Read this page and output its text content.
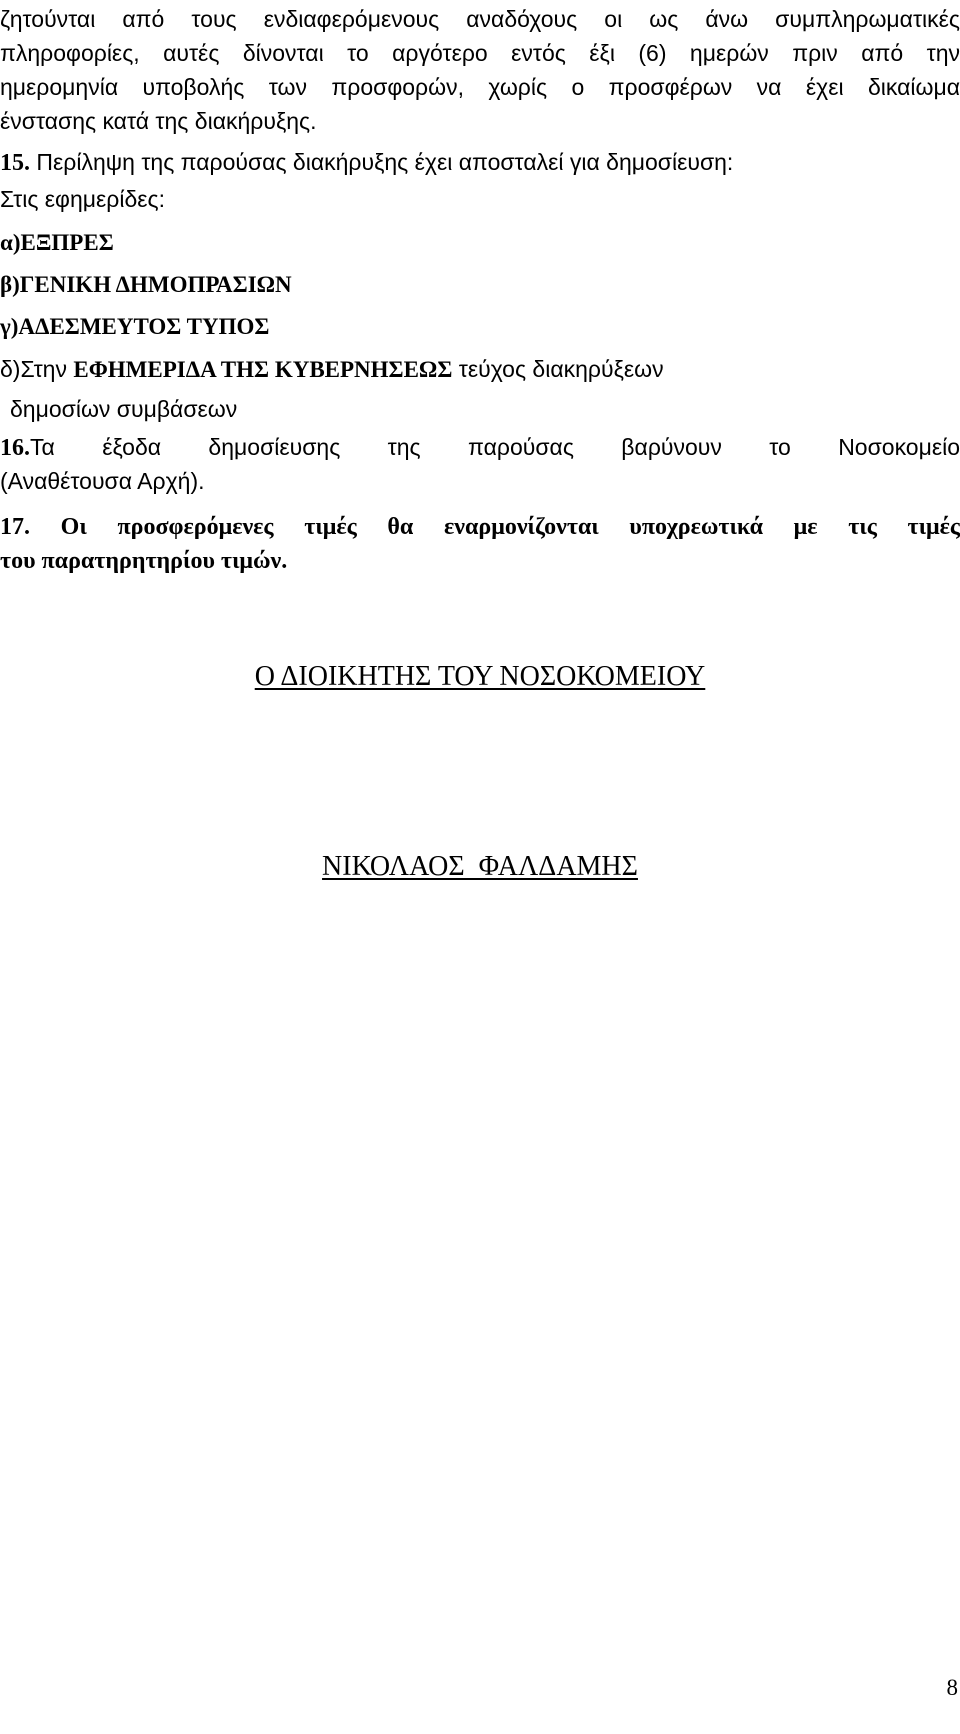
ζητούνται από τους ενδιαφερόμενους αναδόχους οι ως άνω συμπληρωματικές
πληροφορίες, αυτές δίνονται το αργότερο εντός έξι (6) ημερών πριν από την
ημερομηνία υποβολής των προσφορών, χωρίς ο προσφέρων να έχει δικαίωμα
ένστασης κατά της διακήρυξης.
15. Περίληψη της παρούσας διακήρυξης έχει αποσταλεί για δημοσίευση:
Στις εφημερίδες:
α)ΕΞΠΡΕΣ
β)ΓΕΝΙΚΗ ΔΗΜΟΠΡΑΣΙΩΝ
γ)ΑΔΕΣΜΕΥΤΟΣ ΤΥΠΟΣ
δ)Στην ΕΦΗΜΕΡΙΔΑ ΤΗΣ ΚΥΒΕΡΝΗΣΕΩΣ τεύχος διακηρύξεων
δημοσίων συμβάσεων
16.Τα έξοδα δημοσίευσης της παρούσας βαρύνουν το Νοσοκομείο
(Αναθέτουσα Αρχή).
17. Οι προσφερόμενες τιμές θα εναρμονίζονται υποχρεωτικά με τις τιμές
του παρατηρητηρίου τιμών.
Ο ΔΙΟΙΚΗΤΗΣ ΤΟΥ ΝΟΣΟΚΟΜΕΙΟΥ
ΝΙΚΟΛΑΟΣ  ΦΑΛΔΑΜΗΣ
8
